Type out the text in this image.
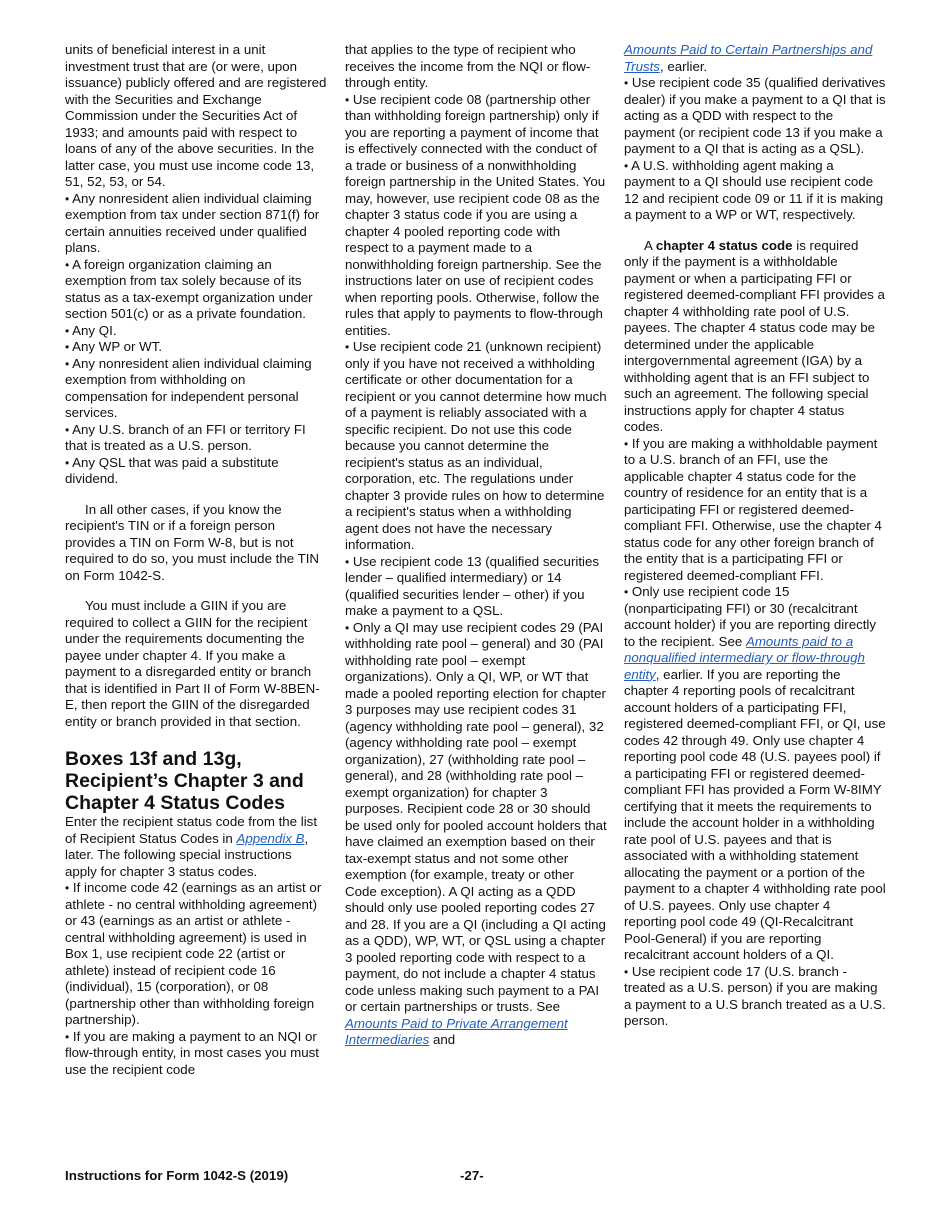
units of beneficial interest in a unit investment trust that are (or were, upon issuance) publicly offered and are registered with the Securities and Exchange Commission under the Securities Act of 1933; and amounts paid with respect to loans of any of the above securities. In the latter case, you must use income code 13, 51, 52, 53, or 54.

• Any nonresident alien individual claiming exemption from tax under section 871(f) for certain annuities received under qualified plans.

• A foreign organization claiming an exemption from tax solely because of its status as a tax-exempt organization under section 501(c) or as a private foundation.

• Any QI.

• Any WP or WT.

• Any nonresident alien individual claiming exemption from withholding on compensation for independent personal services.

• Any U.S. branch of an FFI or territory FI that is treated as a U.S. person.

• Any QSL that was paid a substitute dividend.

In all other cases, if you know the recipient's TIN or if a foreign person provides a TIN on Form W-8, but is not required to do so, you must include the TIN on Form 1042-S.

You must include a GIIN if you are required to collect a GIIN for the recipient under the requirements documenting the payee under chapter 4. If you make a payment to a disregarded entity or branch that is identified in Part II of Form W-8BEN-E, then report the GIIN of the disregarded entity or branch provided in that section.

Boxes 13f and 13g, Recipient’s Chapter 3 and Chapter 4 Status Codes

Enter the recipient status code from the list of Recipient Status Codes in Appendix B, later. The following special instructions apply for chapter 3 status codes.

• If income code 42 (earnings as an artist or athlete - no central withholding agreement) or 43 (earnings as an artist or athlete - central withholding agreement) is used in Box 1, use recipient code 22 (artist or athlete) instead of recipient code 16 (individual), 15 (corporation), or 08 (partnership other than withholding foreign partnership).

• If you are making a payment to an NQI or flow-through entity, in most cases you must use the recipient code

that applies to the type of recipient who receives the income from the NQI or flow-through entity.

• Use recipient code 08 (partnership other than withholding foreign partnership) only if you are reporting a payment of income that is effectively connected with the conduct of a trade or business of a nonwithholding foreign partnership in the United States. You may, however, use recipient code 08 as the chapter 3 status code if you are using a chapter 4 pooled reporting code with respect to a payment made to a nonwithholding foreign partnership. See the instructions later on use of recipient codes when reporting pools. Otherwise, follow the rules that apply to payments to flow-through entities.

• Use recipient code 21 (unknown recipient) only if you have not received a withholding certificate or other documentation for a recipient or you cannot determine how much of a payment is reliably associated with a specific recipient. Do not use this code because you cannot determine the recipient's status as an individual, corporation, etc. The regulations under chapter 3 provide rules on how to determine a recipient's status when a withholding agent does not have the necessary information.

• Use recipient code 13 (qualified securities lender – qualified intermediary) or 14 (qualified securities lender – other) if you make a payment to a QSL.

• Only a QI may use recipient codes 29 (PAI withholding rate pool – general) and 30 (PAI withholding rate pool – exempt organizations). Only a QI, WP, or WT that made a pooled reporting election for chapter 3 purposes may use recipient codes 31 (agency withholding rate pool – general), 32 (agency withholding rate pool – exempt organization), 27 (withholding rate pool – general), and 28 (withholding rate pool – exempt organization) for chapter 3 purposes. Recipient code 28 or 30 should be used only for pooled account holders that have claimed an exemption based on their tax-exempt status and not some other exemption (for example, treaty or other Code exception). A QI acting as a QDD should only use pooled reporting codes 27 and 28. If you are a QI (including a QI acting as a QDD), WP, WT, or QSL using a chapter 3 pooled reporting code with respect to a payment, do not include a chapter 4 status code unless making such payment to a PAI or certain partnerships or trusts. See Amounts Paid to Private Arrangement Intermediaries and

Amounts Paid to Certain Partnerships and Trusts, earlier.

• Use recipient code 35 (qualified derivatives dealer) if you make a payment to a QI that is acting as a QDD with respect to the payment (or recipient code 13 if you make a payment to a QI that is acting as a QSL).

• A U.S. withholding agent making a payment to a QI should use recipient code 12 and recipient code 09 or 11 if it is making a payment to a WP or WT, respectively.

A chapter 4 status code is required only if the payment is a withholdable payment or when a participating FFI or registered deemed-compliant FFI provides a chapter 4 withholding rate pool of U.S. payees. The chapter 4 status code may be determined under the applicable intergovernmental agreement (IGA) by a withholding agent that is an FFI subject to such an agreement. The following special instructions apply for chapter 4 status codes.

• If you are making a withholdable payment to a U.S. branch of an FFI, use the applicable chapter 4 status code for the country of residence for an entity that is a participating FFI or registered deemed-compliant FFI. Otherwise, use the chapter 4 status code for any other foreign branch of the entity that is a participating FFI or registered deemed-compliant FFI.

• Only use recipient code 15 (nonparticipating FFI) or 30 (recalcitrant account holder) if you are reporting directly to the recipient. See Amounts paid to a nonqualified intermediary or flow-through entity, earlier. If you are reporting the chapter 4 reporting pools of recalcitrant account holders of a participating FFI, registered deemed-compliant FFI, or QI, use codes 42 through 49. Only use chapter 4 reporting pool code 48 (U.S. payees pool) if a participating FFI or registered deemed-compliant FFI has provided a Form W-8IMY certifying that it meets the requirements to include the account holder in a withholding rate pool of U.S. payees and that is associated with a withholding statement allocating the payment or a portion of the payment to a chapter 4 withholding rate pool of U.S. payees. Only use chapter 4 reporting pool code 49 (QI-Recalcitrant Pool-General) if you are reporting recalcitrant account holders of a QI.

• Use recipient code 17 (U.S. branch - treated as a U.S. person) if you are making a payment to a U.S branch treated as a U.S. person.

Instructions for Form 1042-S (2019)	-27-
